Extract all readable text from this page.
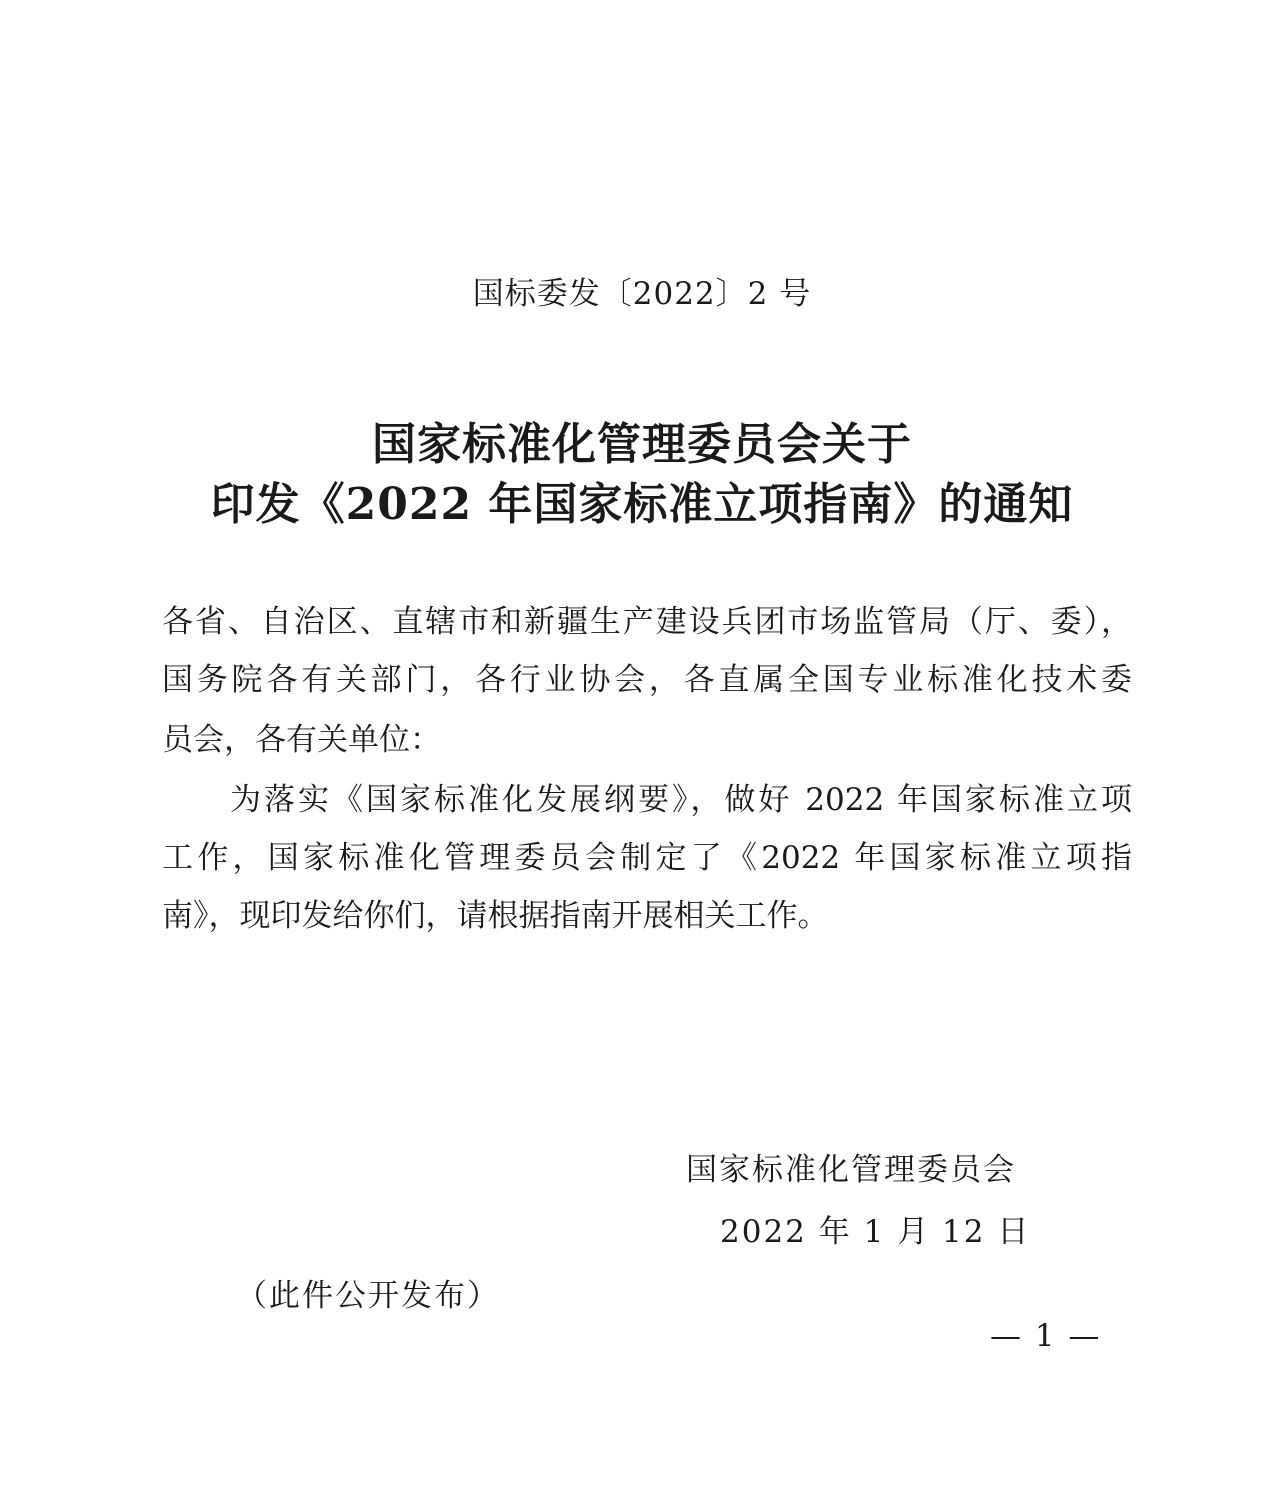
国标委发〔2022〕2 号
国家标准化管理委员会关于
印发《2022 年国家标准立项指南》的通知
各省、自治区、直辖市和新疆生产建设兵团市场监管局（厅、委），
国务院各有关部门，各行业协会，各直属全国专业标准化技术委
员会，各有关单位：
为落实《国家标准化发展纲要》，做好 2022 年国家标准立项
工作，国家标准化管理委员会制定了《2022 年国家标准立项指
南》，现印发给你们，请根据指南开展相关工作。
国家标准化管理委员会
2022 年 1 月 12 日
（此件公开发布）
— 1 —
